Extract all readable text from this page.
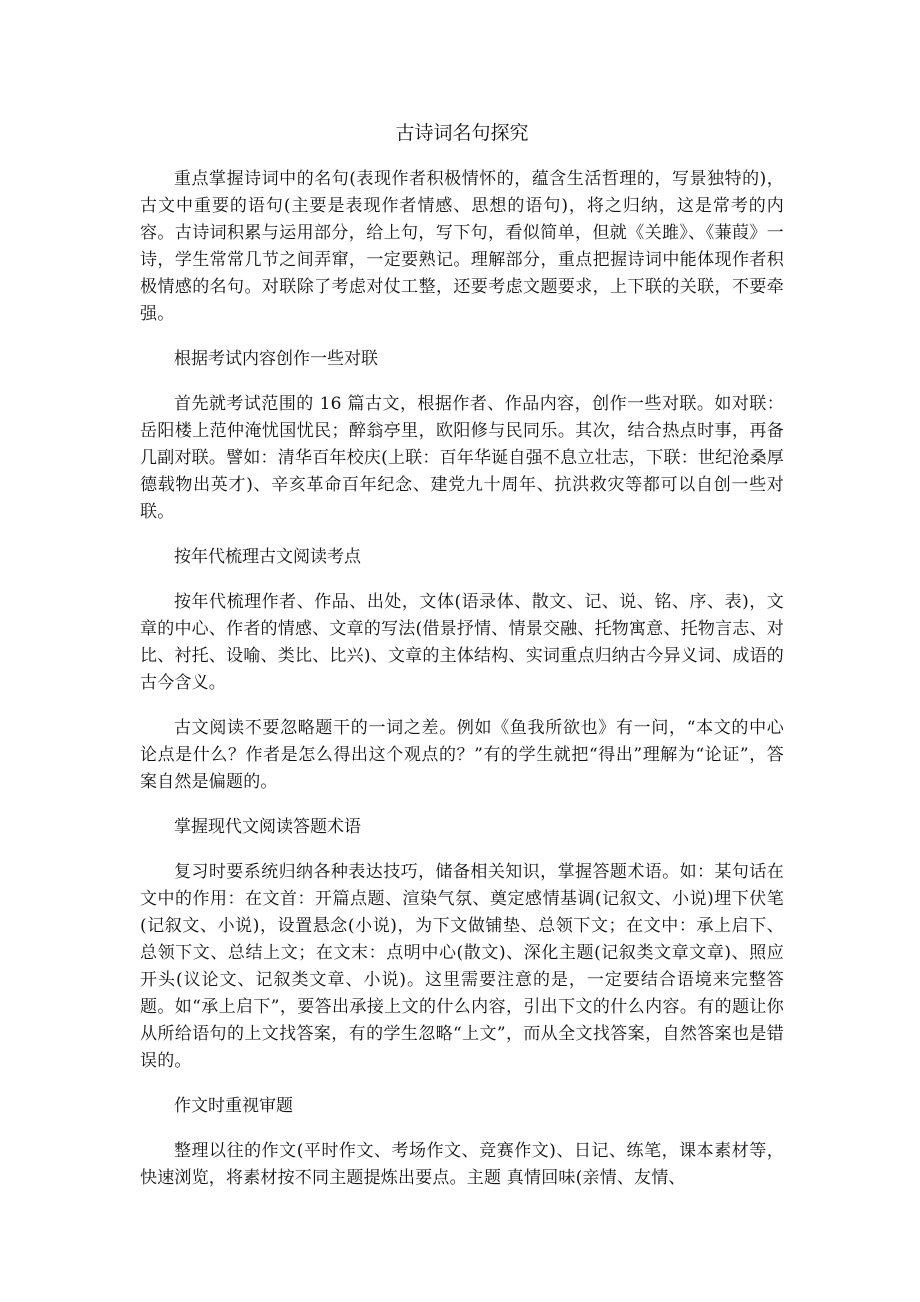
古诗词名句探究

重点掌握诗词中的名句(表现作者积极情怀的，蕴含生活哲理的，写景独特的)，古文中重要的语句(主要是表现作者情感、思想的语句)，将之归纳，这是常考的内容。古诗词积累与运用部分，给上句，写下句，看似简单，但就《关雎》、《蒹葭》一诗，学生常常几节之间弄窜，一定要熟记。理解部分，重点把握诗词中能体现作者积极情感的名句。对联除了考虑对仗工整，还要考虑文题要求，上下联的关联，不要牵强。

根据考试内容创作一些对联

首先就考试范围的 16 篇古文，根据作者、作品内容，创作一些对联。如对联：岳阳楼上范仲淹忧国忧民；醉翁亭里，欧阳修与民同乐。其次，结合热点时事，再备几副对联。譬如：清华百年校庆(上联：百年华诞自强不息立壮志，下联：世纪沧桑厚德载物出英才)、辛亥革命百年纪念、建党九十周年、抗洪救灾等都可以自创一些对联。

按年代梳理古文阅读考点

按年代梳理作者、作品、出处，文体(语录体、散文、记、说、铭、序、表)，文章的中心、作者的情感、文章的写法(借景抒情、情景交融、托物寓意、托物言志、对比、衬托、设喻、类比、比兴)、文章的主体结构、实词重点归纳古今异义词、成语的古今含义。

古文阅读不要忽略题干的一词之差。例如《鱼我所欲也》有一问，“本文的中心论点是什么？作者是怎么得出这个观点的？”有的学生就把“得出”理解为“论证”，答案自然是偏题的。

掌握现代文阅读答题术语

复习时要系统归纳各种表达技巧，储备相关知识，掌握答题术语。如：某句话在文中的作用：在文首：开篇点题、渲染气氛、奠定感情基调(记叙文、小说)埋下伏笔(记叙文、小说)，设置悬念(小说)，为下文做铺垫、总领下文；在文中：承上启下、总领下文、总结上文；在文末：点明中心(散文)、深化主题(记叙类文章文章)、照应开头(议论文、记叙类文章、小说)。这里需要注意的是，一定要结合语境来完整答题。如“承上启下”，要答出承接上文的什么内容，引出下文的什么内容。有的题让你从所给语句的上文找答案，有的学生忽略“上文”，而从全文找答案，自然答案也是错误的。

作文时重视审题

整理以往的作文(平时作文、考场作文、竞赛作文)、日记、练笔，课本素材等，快速浏览，将素材按不同主题提炼出要点。主题 真情回味(亲情、友情、
